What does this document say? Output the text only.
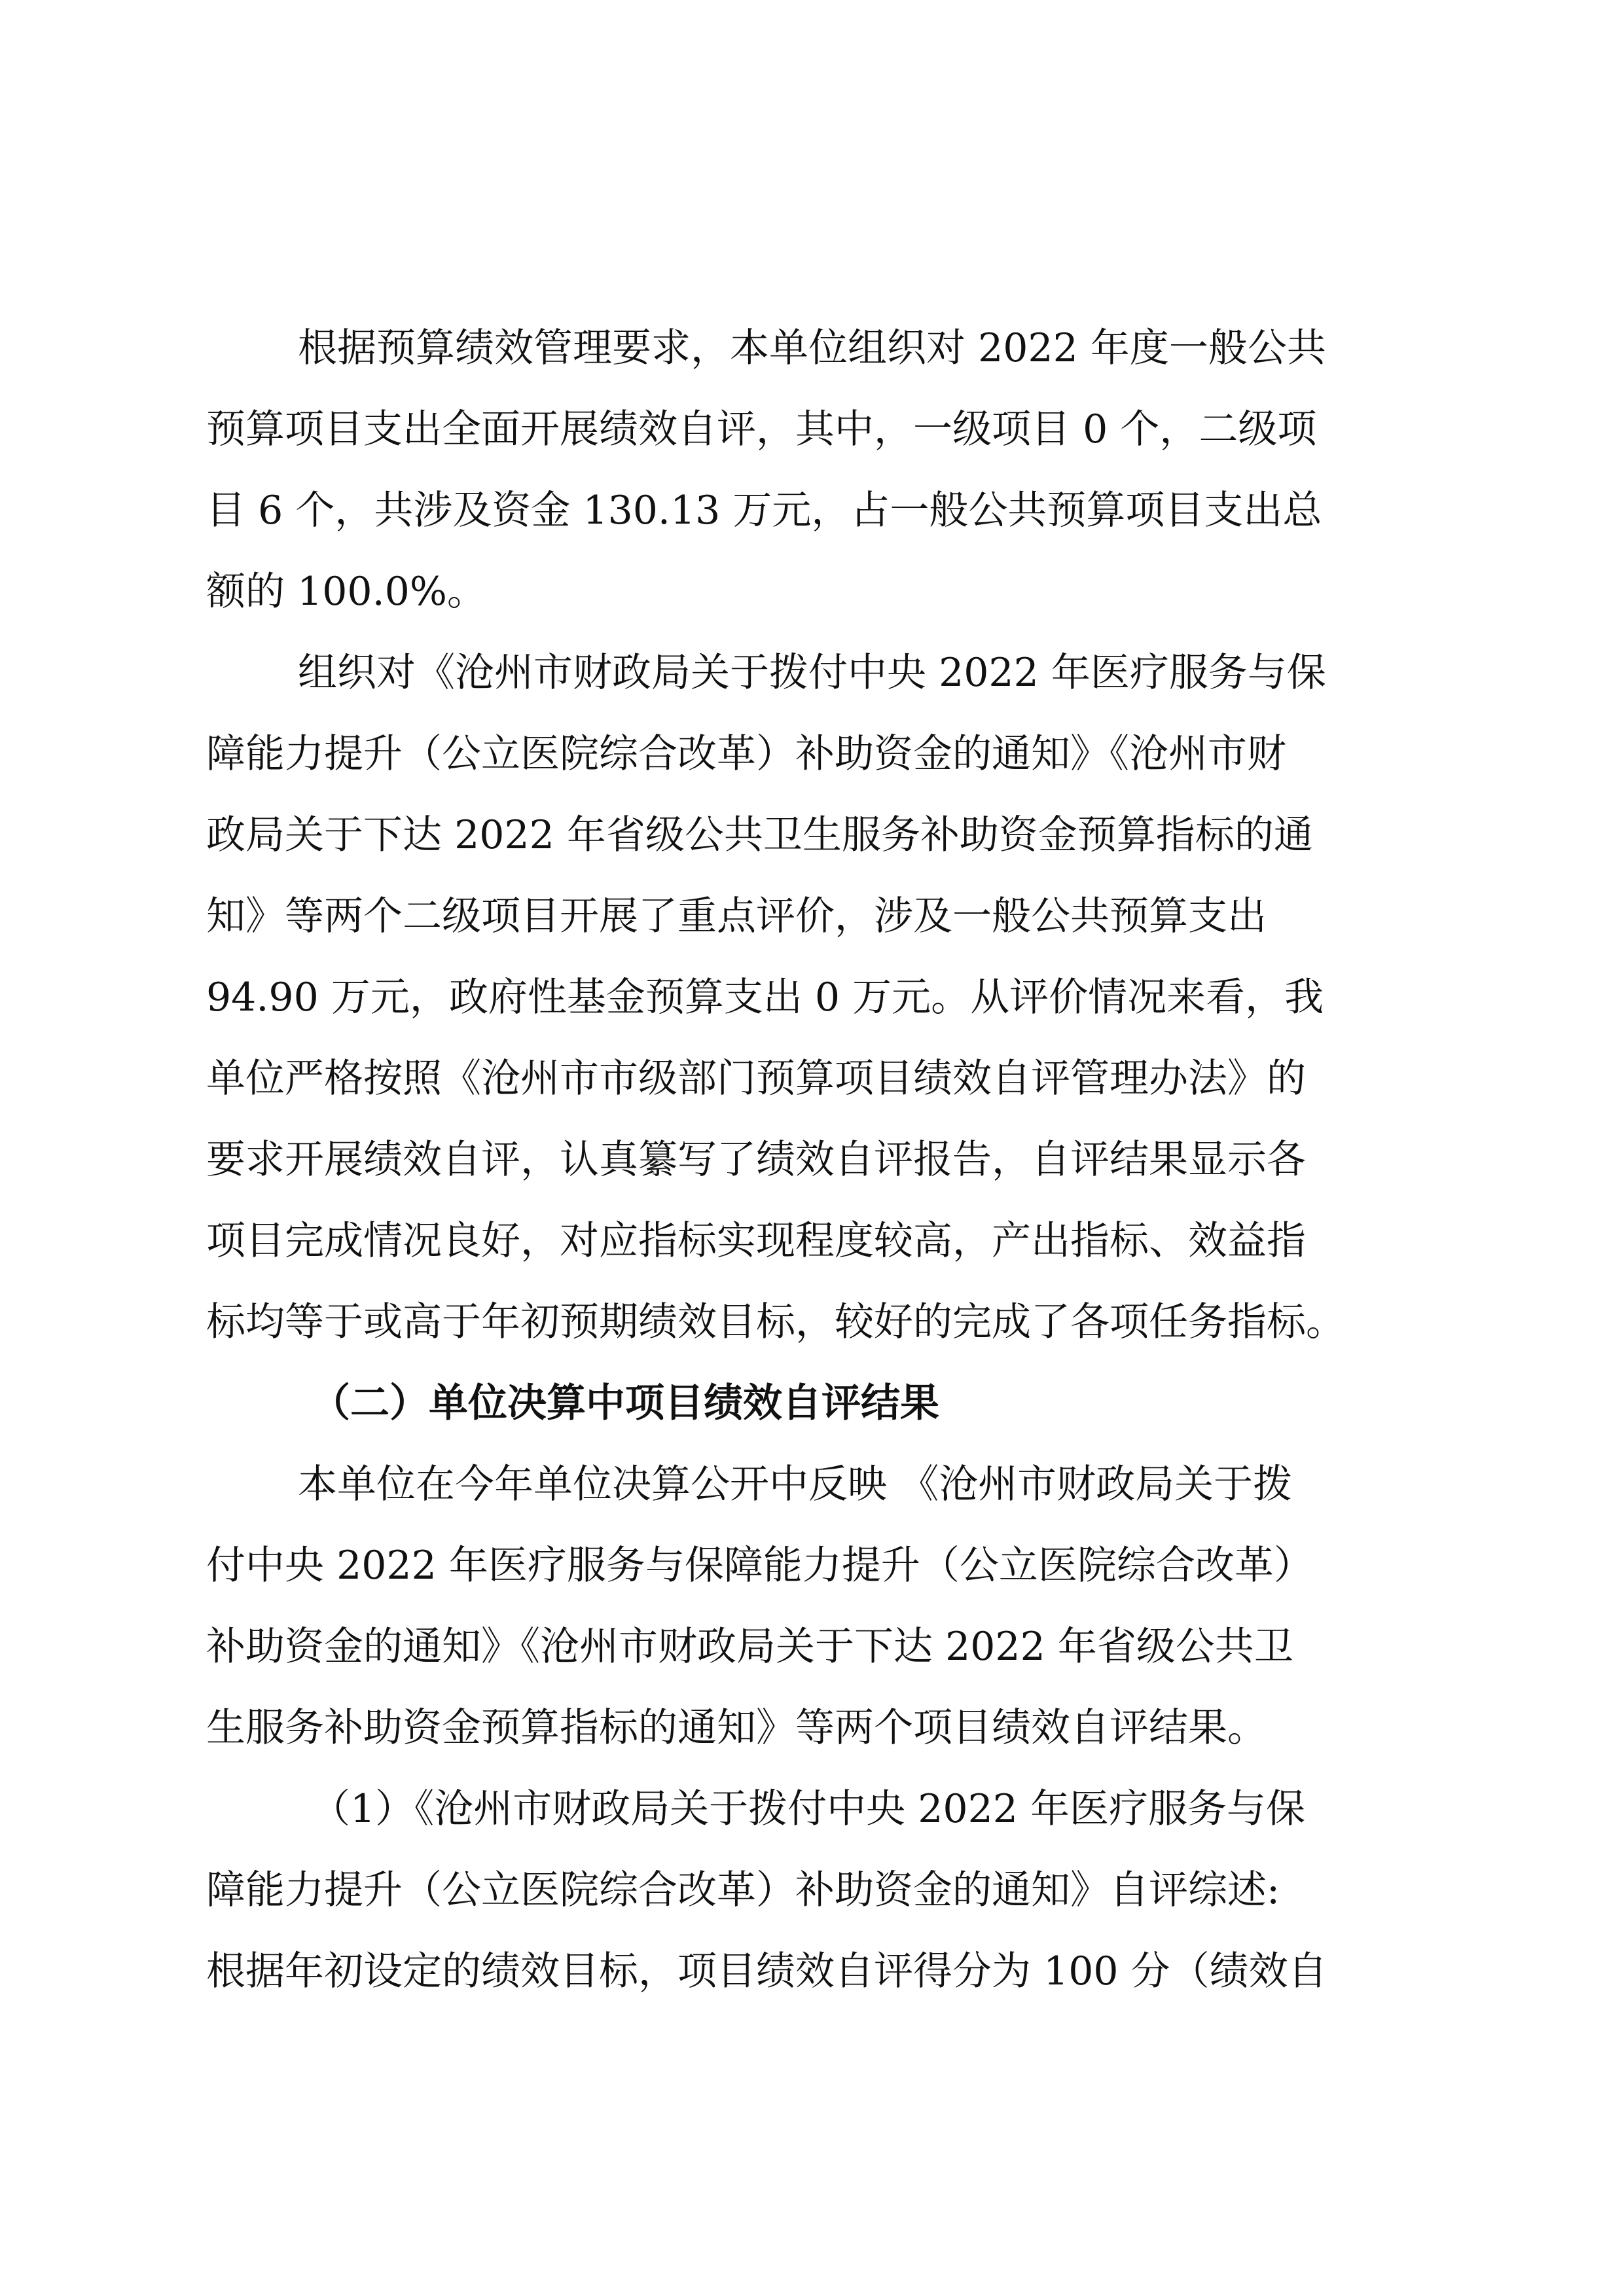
根据预算绩效管理要求，本单位组织对 2022 年度一般公共
预算项目支出全面开展绩效自评，其中，一级项目 0 个，二级项
目 6 个，共涉及资金 130.13 万元，占一般公共预算项目支出总
额的 100.0%。
组织对《沧州市财政局关于拨付中央 2022 年医疗服务与保
障能力提升（公立医院综合改革）补助资金的通知》《沧州市财
政局关于下达 2022 年省级公共卫生服务补助资金预算指标的通
知》等两个二级项目开展了重点评价，涉及一般公共预算支出
94.90 万元，政府性基金预算支出 0 万元。从评价情况来看，我
单位严格按照《沧州市市级部门预算项目绩效自评管理办法》的
要求开展绩效自评，认真纂写了绩效自评报告，自评结果显示各
项目完成情况良好，对应指标实现程度较高，产出指标、效益指
标均等于或高于年初预期绩效目标，较好的完成了各项任务指标。
（二）单位决算中项目绩效自评结果
本单位在今年单位决算公开中反映 《沧州市财政局关于拨
付中央 2022 年医疗服务与保障能力提升（公立医院综合改革）
补助资金的通知》《沧州市财政局关于下达 2022 年省级公共卫
生服务补助资金预算指标的通知》等两个项目绩效自评结果。
（1）《沧州市财政局关于拨付中央 2022 年医疗服务与保
障能力提升（公立医院综合改革）补助资金的通知》自评综述:
根据年初设定的绩效目标，项目绩效自评得分为 100 分（绩效自
